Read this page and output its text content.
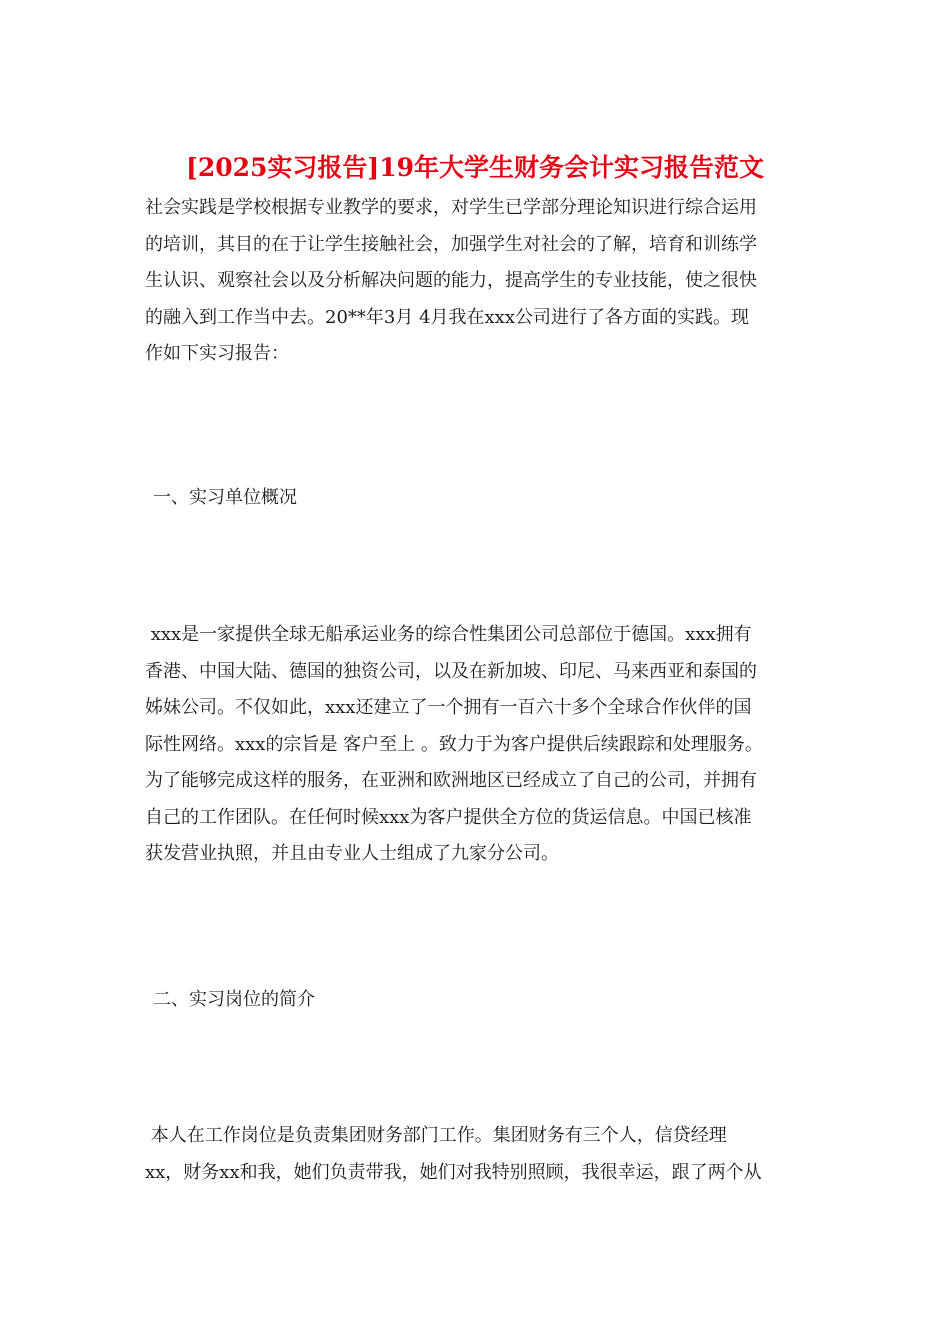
[2025实习报告]19年大学生财务会计实习报告范文
社会实践是学校根据专业教学的要求，对学生已学部分理论知识进行综合运用
的培训，其目的在于让学生接触社会，加强学生对社会的了解，培育和训练学
生认识、观察社会以及分析解决问题的能力，提高学生的专业技能，使之很快
的融入到工作当中去。20**年3月 4月我在xxx公司进行了各方面的实践。现
作如下实习报告：
一、实习单位概况
xxx是一家提供全球无船承运业务的综合性集团公司总部位于德国。xxx拥有
香港、中国大陆、德国的独资公司，以及在新加坡、印尼、马来西亚和泰国的
姊妹公司。不仅如此，xxx还建立了一个拥有一百六十多个全球合作伙伴的国
际性网络。xxx的宗旨是 客户至上 。致力于为客户提供后续跟踪和处理服务。
为了能够完成这样的服务，在亚洲和欧洲地区已经成立了自己的公司，并拥有
自己的工作团队。在任何时候xxx为客户提供全方位的货运信息。中国已核准
获发营业执照，并且由专业人士组成了九家分公司。
二、实习岗位的简介
本人在工作岗位是负责集团财务部门工作。集团财务有三个人，信贷经理
xx，财务xx和我，她们负责带我，她们对我特别照顾，我很幸运，跟了两个从
